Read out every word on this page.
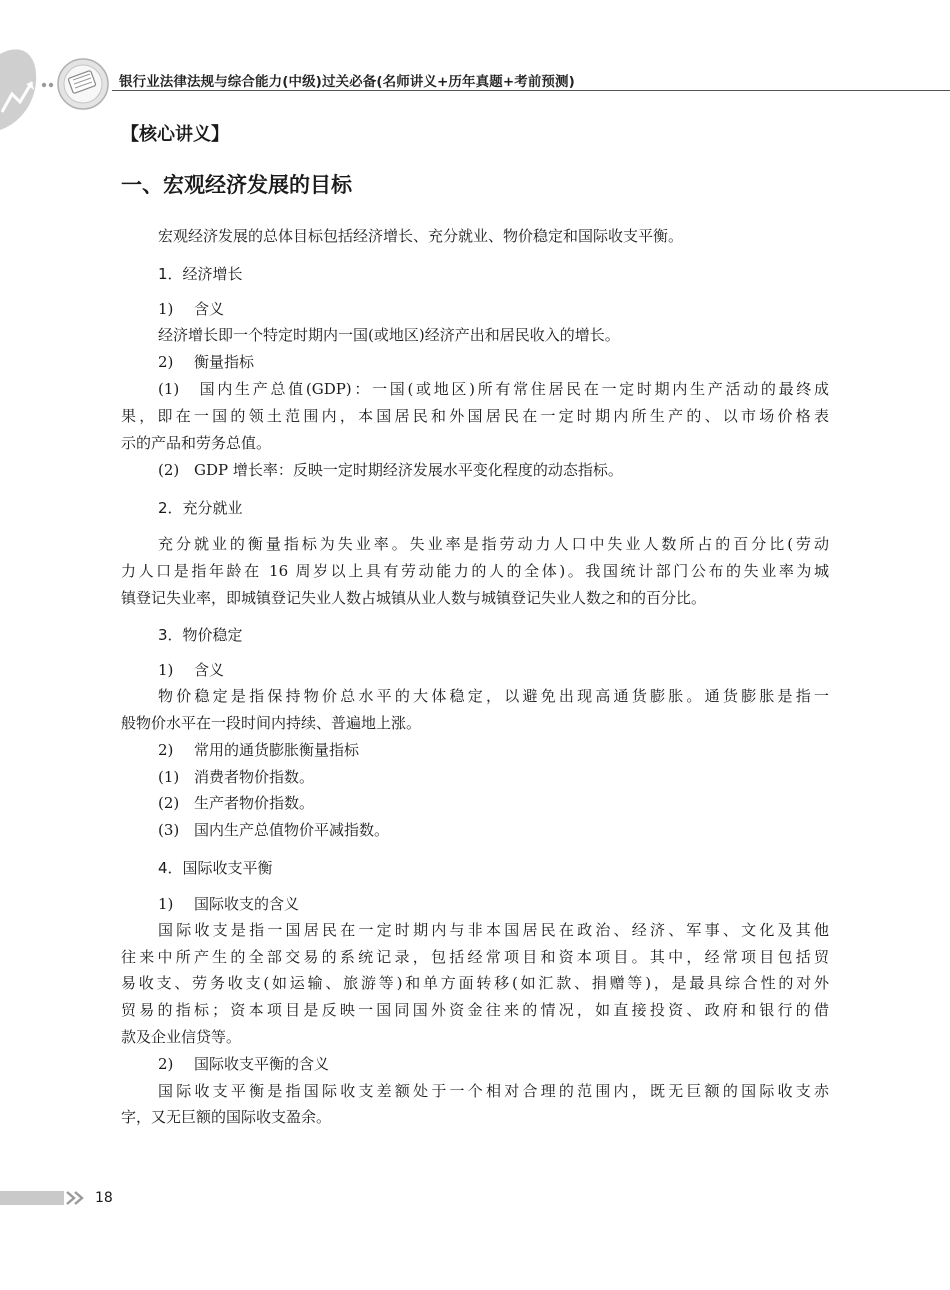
银行业法律法规与综合能力(中级)过关必备(名师讲义+历年真题+考前预测)
【核心讲义】
一、宏观经济发展的目标
宏观经济发展的总体目标包括经济增长、充分就业、物价稳定和国际收支平衡。
1．经济增长
1) 含义
经济增长即一个特定时期内一国(或地区)经济产出和居民收入的增长。
2) 衡量指标
(1)　国内生产总值(GDP)：一国(或地区)所有常住居民在一定时期内生产活动的最终成
果，即在一国的领土范围内，本国居民和外国居民在一定时期内所生产的、以市场价格表
示的产品和劳务总值。
(2) GDP 增长率：反映一定时期经济发展水平变化程度的动态指标。
2．充分就业
充分就业的衡量指标为失业率。失业率是指劳动力人口中失业人数所占的百分比(劳动
力人口是指年龄在 16 周岁以上具有劳动能力的人的全体)。我国统计部门公布的失业率为城
镇登记失业率，即城镇登记失业人数占城镇从业人数与城镇登记失业人数之和的百分比。
3．物价稳定
1) 含义
物价稳定是指保持物价总水平的大体稳定，以避免出现高通货膨胀。通货膨胀是指一
般物价水平在一段时间内持续、普遍地上涨。
2) 常用的通货膨胀衡量指标
(1) 消费者物价指数。
(2) 生产者物价指数。
(3) 国内生产总值物价平减指数。
4．国际收支平衡
1) 国际收支的含义
国际收支是指一国居民在一定时期内与非本国居民在政治、经济、军事、文化及其他
往来中所产生的全部交易的系统记录，包括经常项目和资本项目。其中，经常项目包括贸
易收支、劳务收支(如运输、旅游等)和单方面转移(如汇款、捐赠等)，是最具综合性的对外
贸易的指标；资本项目是反映一国同国外资金往来的情况，如直接投资、政府和银行的借
款及企业信贷等。
2) 国际收支平衡的含义
国际收支平衡是指国际收支差额处于一个相对合理的范围内，既无巨额的国际收支赤
字，又无巨额的国际收支盈余。
18
